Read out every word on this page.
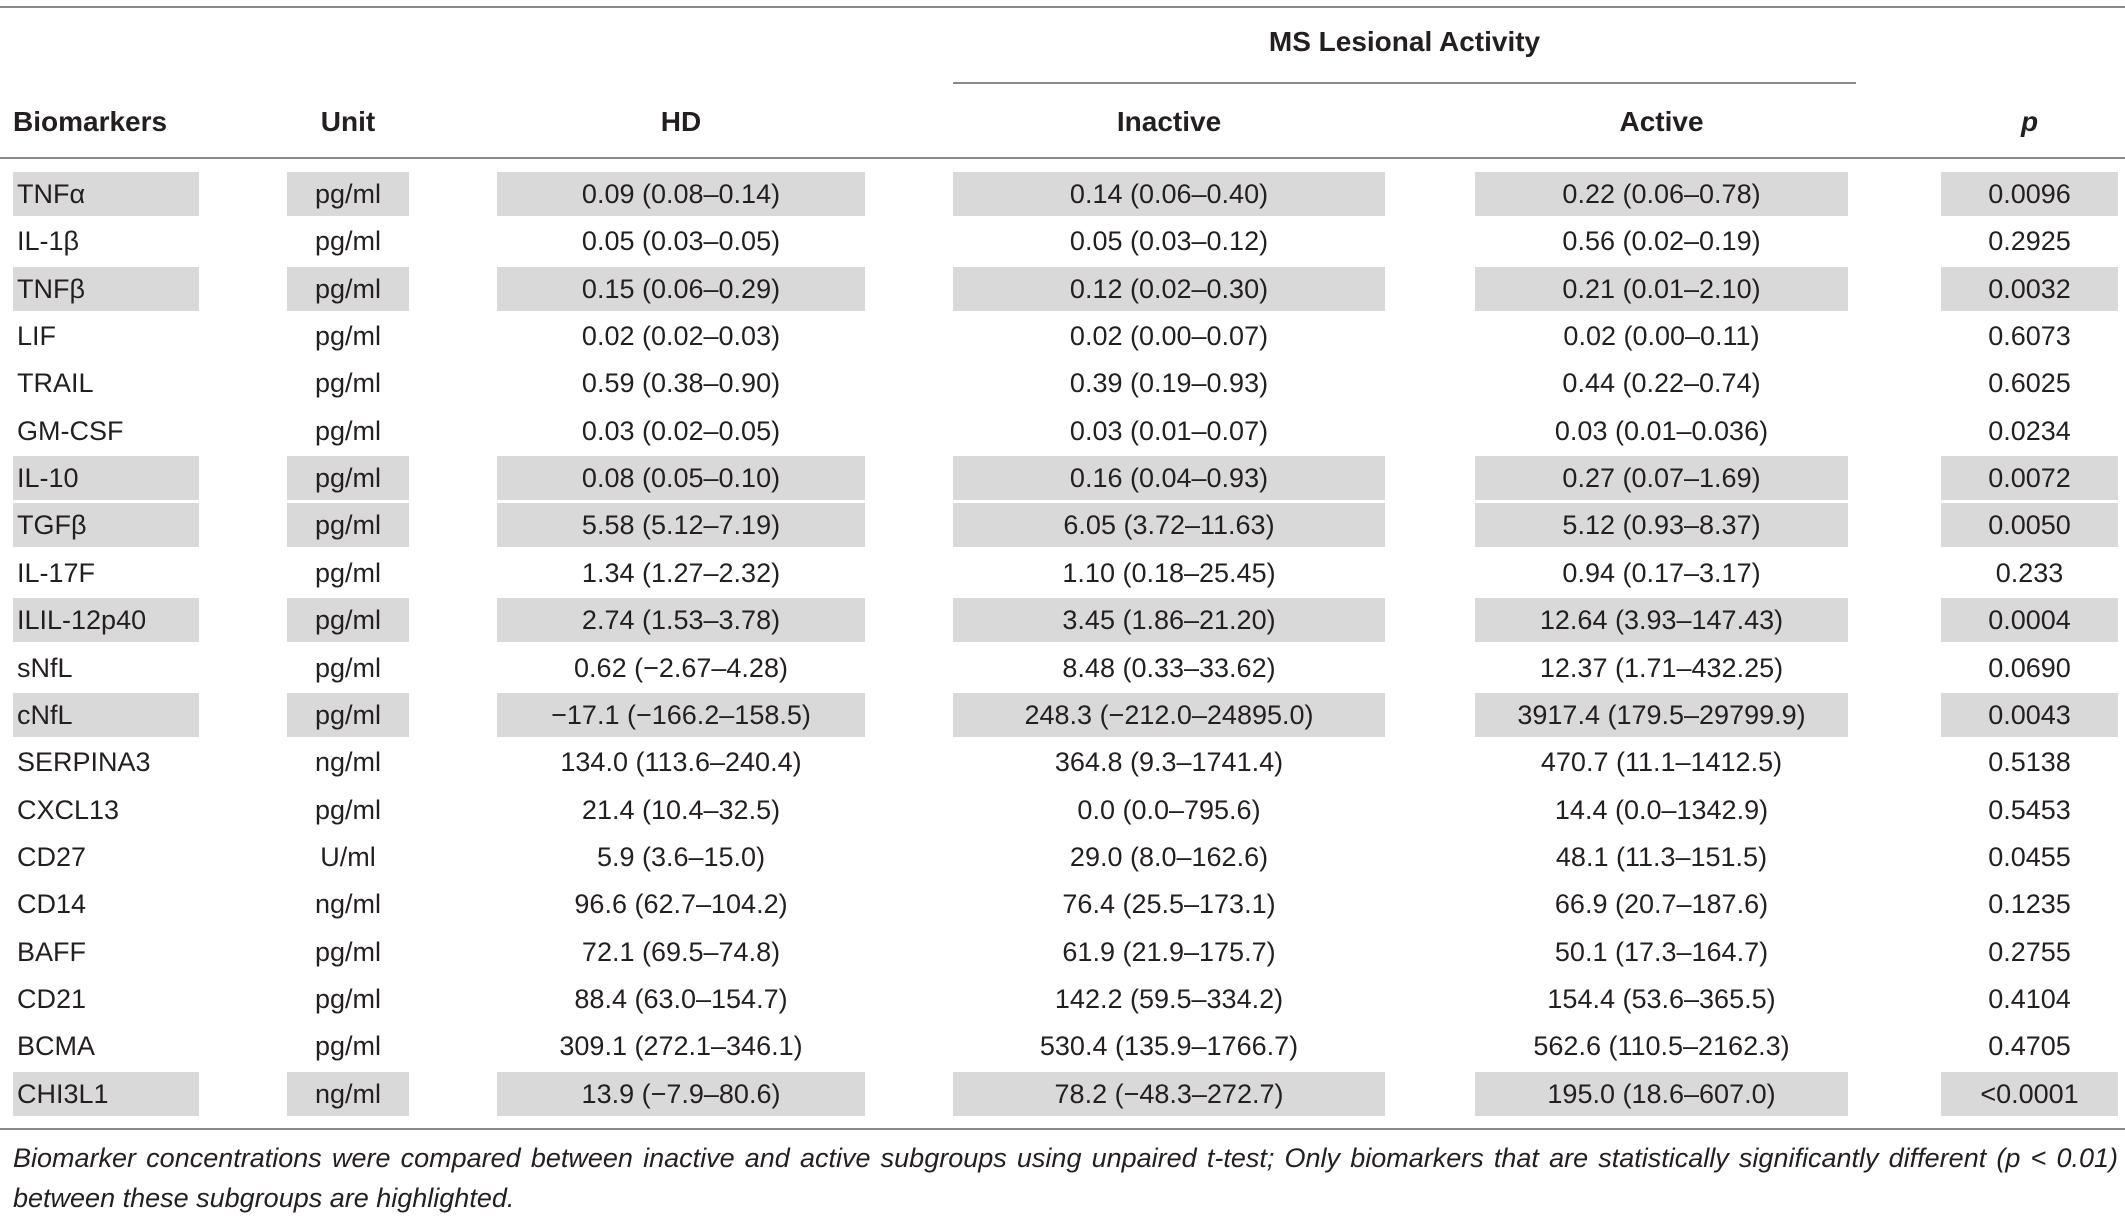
MS Lesional Activity
Biomarkers	Unit	HD	Inactive	Active	p
TNFα	pg/ml	0.09 (0.08–0.14)	0.14 (0.06–0.40)	0.22 (0.06–0.78)	0.0096
IL-1β	pg/ml	0.05 (0.03–0.05)	0.05 (0.03–0.12)	0.56 (0.02–0.19)	0.2925
TNFβ	pg/ml	0.15 (0.06–0.29)	0.12 (0.02–0.30)	0.21 (0.01–2.10)	0.0032
LIF	pg/ml	0.02 (0.02–0.03)	0.02 (0.00–0.07)	0.02 (0.00–0.11)	0.6073
TRAIL	pg/ml	0.59 (0.38–0.90)	0.39 (0.19–0.93)	0.44 (0.22–0.74)	0.6025
GM-CSF	pg/ml	0.03 (0.02–0.05)	0.03 (0.01–0.07)	0.03 (0.01–0.036)	0.0234
IL-10	pg/ml	0.08 (0.05–0.10)	0.16 (0.04–0.93)	0.27 (0.07–1.69)	0.0072
TGFβ	pg/ml	5.58 (5.12–7.19)	6.05 (3.72–11.63)	5.12 (0.93–8.37)	0.0050
IL-17F	pg/ml	1.34 (1.27–2.32)	1.10 (0.18–25.45)	0.94 (0.17–3.17)	0.233
ILIL-12p40	pg/ml	2.74 (1.53–3.78)	3.45 (1.86–21.20)	12.64 (3.93–147.43)	0.0004
sNfL	pg/ml	0.62 (−2.67–4.28)	8.48 (0.33–33.62)	12.37 (1.71–432.25)	0.0690
cNfL	pg/ml	−17.1 (−166.2–158.5)	248.3 (−212.0–24895.0)	3917.4 (179.5–29799.9)	0.0043
SERPINA3	ng/ml	134.0 (113.6–240.4)	364.8 (9.3–1741.4)	470.7 (11.1–1412.5)	0.5138
CXCL13	pg/ml	21.4 (10.4–32.5)	0.0 (0.0–795.6)	14.4 (0.0–1342.9)	0.5453
CD27	U/ml	5.9 (3.6–15.0)	29.0 (8.0–162.6)	48.1 (11.3–151.5)	0.0455
CD14	ng/ml	96.6 (62.7–104.2)	76.4 (25.5–173.1)	66.9 (20.7–187.6)	0.1235
BAFF	pg/ml	72.1 (69.5–74.8)	61.9 (21.9–175.7)	50.1 (17.3–164.7)	0.2755
CD21	pg/ml	88.4 (63.0–154.7)	142.2 (59.5–334.2)	154.4 (53.6–365.5)	0.4104
BCMA	pg/ml	309.1 (272.1–346.1)	530.4 (135.9–1766.7)	562.6 (110.5–2162.3)	0.4705
CHI3L1	ng/ml	13.9 (−7.9–80.6)	78.2 (−48.3–272.7)	195.0 (18.6–607.0)	<0.0001
Biomarker concentrations were compared between inactive and active subgroups using unpaired t-test; Only biomarkers that are statistically significantly different (p < 0.01) between these subgroups are highlighted.
